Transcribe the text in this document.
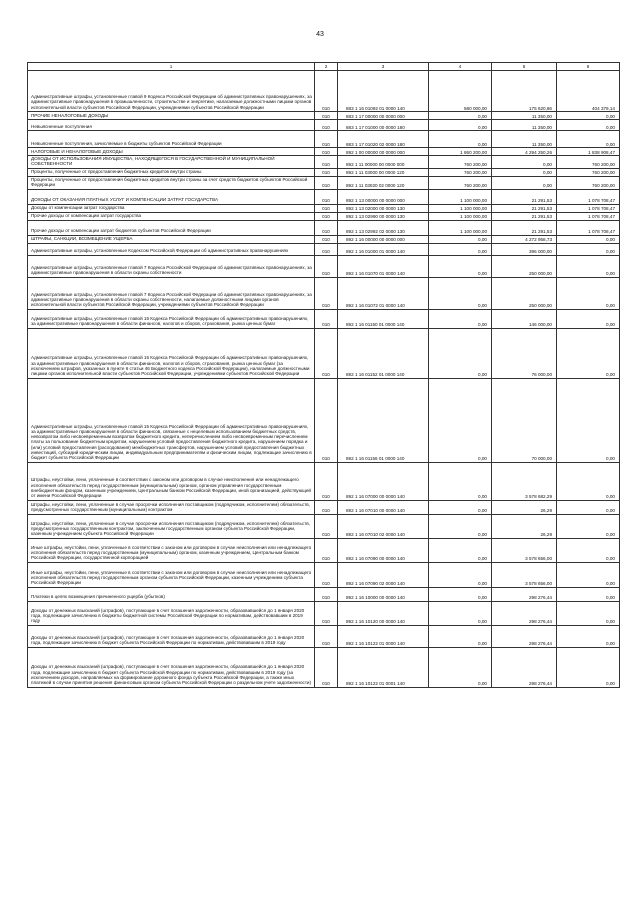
43
1	2	3	4	5	6
Административные штрафы, установленные главой 9 Кодекса Российской Федерации об административных правонарушениях, за административные правонарушения в промышленности, строительстве и энергетике, налагаемые должностными лицами органов исполнительной власти субъектов Российской Федерации, учреждениями субъектов Российской Федерации	010	883 1 16 01092 01 0000 140	580 000,00	175 620,86	404 379,14
ПРОЧИЕ НЕНАЛОГОВЫЕ ДОХОДЫ	010	883 1 17 00000 00 0000 000	0,00	11 350,00	0,00
Невыясненные поступления	010	883 1 17 01000 00 0000 180	0,00	11 350,00	0,00
Невыясненные поступления, зачисляемые в бюджеты субъектов Российской Федерации	010	883 1 17 01020 02 0000 180	0,00	11 350,00	0,00
НАЛОГОВЫЕ И НЕНАЛОГОВЫЕ ДОХОДЫ	010	892 1 00 00000 00 0000 000	1 860 200,00	4 294 250,26	1 838 908,47
ДОХОДЫ ОТ ИСПОЛЬЗОВАНИЯ ИМУЩЕСТВА, НАХОДЯЩЕГОСЯ В ГОСУДАРСТВЕННОЙ И МУНИЦИПАЛЬНОЙ СОБСТВЕННОСТИ	010	892 1 11 00000 00 0000 000	760 200,00	0,00	760 200,00
Проценты, полученные от предоставления бюджетных кредитов внутри страны	010	892 1 11 03000 00 0000 120	760 200,00	0,00	760 200,00
Проценты, полученные от предоставления бюджетных кредитов внутри страны за счет средств бюджетов субъектов Российской Федерации	010	892 1 11 03020 02 0000 120	760 200,00	0,00	760 200,00
ДОХОДЫ ОТ ОКАЗАНИЯ ПЛАТНЫХ УСЛУГ И КОМПЕНСАЦИИ ЗАТРАТ ГОСУДАРСТВА	010	892 1 13 00000 00 0000 000	1 100 000,00	21 291,53	1 078 708,47
Доходы от компенсации затрат государства	010	892 1 13 02000 00 0000 130	1 100 000,00	21 291,53	1 078 708,47
Прочие доходы от компенсации затрат государства	010	892 1 13 02990 00 0000 130	1 100 000,00	21 291,53	1 078 708,47
Прочие доходы от компенсации затрат бюджетов субъектов Российской Федерации	010	892 1 13 02992 02 0000 130	1 100 000,00	21 291,53	1 078 708,47
ШТРАФЫ, САНКЦИИ, ВОЗМЕЩЕНИЕ УЩЕРБА	010	892 1 16 00000 00 0000 000	0,00	4 272 958,73	0,00
Административные штрафы, установленные Кодексом Российской Федерации об административных правонарушениях	010	892 1 16 01000 01 0000 140	0,00	396 000,00	0,00
Административные штрафы, установленные главой 7 Кодекса Российской Федерации об административных правонарушениях, за административные правонарушения в области охраны собственности	010	892 1 16 01070 01 0000 140	0,00	250 000,00	0,00
Административные штрафы, установленные главой 7 Кодекса Российской Федерации об административных правонарушениях, за административные правонарушения в области охраны собственности, налагаемые должностными лицами органов исполнительной власти субъектов Российской Федерации, учреждениями субъектов Российской Федерации	010	892 1 16 01072 01 0000 140	0,00	250 000,00	0,00
Административные штрафы, установленные главой 15 Кодекса Российской Федерации об административных правонарушениях, за административные правонарушения в области финансов, налогов и сборов, страхования, рынка ценных бумаг	010	892 1 16 01150 01 0000 140	0,00	146 000,00	0,00
Административные штрафы, установленные главой 15 Кодекса Российской Федерации об административных правонарушениях, за административные правонарушения в области финансов, налогов и сборов, страхования, рынка ценных бумаг (за исключением штрафов, указанных в пункте 6 статьи 46 Бюджетного кодекса Российской Федерации), налагаемые должностными лицами органов исполнительной власти субъектов Российской Федерации, учреждениями субъектов Российской Федерации	010	892 1 16 01152 01 0000 140	0,00	76 000,00	0,00
Административные штрафы, установленные главой 15 Кодекса Российской Федерации об административных правонарушениях, за административные правонарушения в области финансов, связанные с нецелевым использованием бюджетных средств, невозвратом либо несвоевременным возвратом бюджетного кредита, неперечислением либо несвоевременным перечислением платы за пользование бюджетным кредитом, нарушением условий предоставления бюджетного кредита, нарушением порядка и (или) условий предоставления (расходования) межбюджетных трансфертов, нарушением условий предоставления бюджетных инвестиций, субсидий юридическим лицам, индивидуальным предпринимателям и физическим лицам, подлежащие зачислению в бюджет субъекта Российской Федерации	010	892 1 16 01156 01 0000 140	0,00	70 000,00	0,00
Штрафы, неустойки, пени, уплаченные в соответствии с законом или договором в случае неисполнения или ненадлежащего исполнения обязательств перед государственным (муниципальным) органом, органом управления государственным внебюджетным фондом, казенным учреждением, Центральным банком Российской Федерации, иной организацией, действующей от имени Российской Федерации	010	892 1 16 07000 00 0000 140	0,00	3 578 682,29	0,00
Штрафы, неустойки, пени, уплаченные в случае просрочки исполнения поставщиком (подрядчиком, исполнителем) обязательств, предусмотренных государственным (муниципальным) контрактом	010	892 1 16 07010 00 0000 140	0,00	26,29	0,00
Штрафы, неустойки, пени, уплаченные в случае просрочки исполнения поставщиком (подрядчиком, исполнителем) обязательств, предусмотренных государственным контрактом, заключенным государственным органом субъекта Российской Федерации, казенным учреждением субъекта Российской Федерации	010	892 1 16 07010 02 0000 140	0,00	26,29	0,00
Иные штрафы, неустойки, пени, уплаченные в соответствии с законом или договором в случае неисполнения или ненадлежащего исполнения обязательств перед государственным (муниципальным) органом, казенным учреждением, Центральным банком Российской Федерации, государственной корпорацией	010	892 1 16 07090 00 0000 140	0,00	3 578 656,00	0,00
Иные штрафы, неустойки, пени, уплаченные в соответствии с законом или договором в случае неисполнения или ненадлежащего исполнения обязательств перед государственным органом субъекта Российской Федерации, казенным учреждением субъекта Российской Федерации	010	892 1 16 07090 02 0000 140	0,00	3 578 656,00	0,00
Платежи в целях возмещения причиненного ущерба (убытков)	010	892 1 16 10000 00 0000 140	0,00	298 276,44	0,00
Доходы от денежных взысканий (штрафов), поступающие в счет погашения задолженности, образовавшейся до 1 января 2020 года, подлежащие зачислению в бюджеты бюджетной системы Российской Федерации по нормативам, действовавшим в 2019 году	010	892 1 16 10120 00 0000 140	0,00	298 276,44	0,00
Доходы от денежных взысканий (штрафов), поступающие в счет погашения задолженности, образовавшейся до 1 января 2020 года, подлежащие зачислению в бюджет субъекта Российской Федерации по нормативам, действовавшим в 2019 году	010	892 1 16 10122 01 0000 140	0,00	298 276,44	0,00
Доходы от денежных взысканий (штрафов), поступающие в счет погашения задолженности, образовавшейся до 1 января 2020 года, подлежащие зачислению в бюджет субъекта Российской Федерации по нормативам, действовавшим в 2019 году (за исключением доходов, направляемых на формирование дорожного фонда субъекта Российской Федерации, а также иных платежей в случае принятия решения финансовым органом субъекта Российской Федерации о раздельном учете задолженности)	010	892 1 16 10122 01 0001 140	0,00	298 276,44	0,00
